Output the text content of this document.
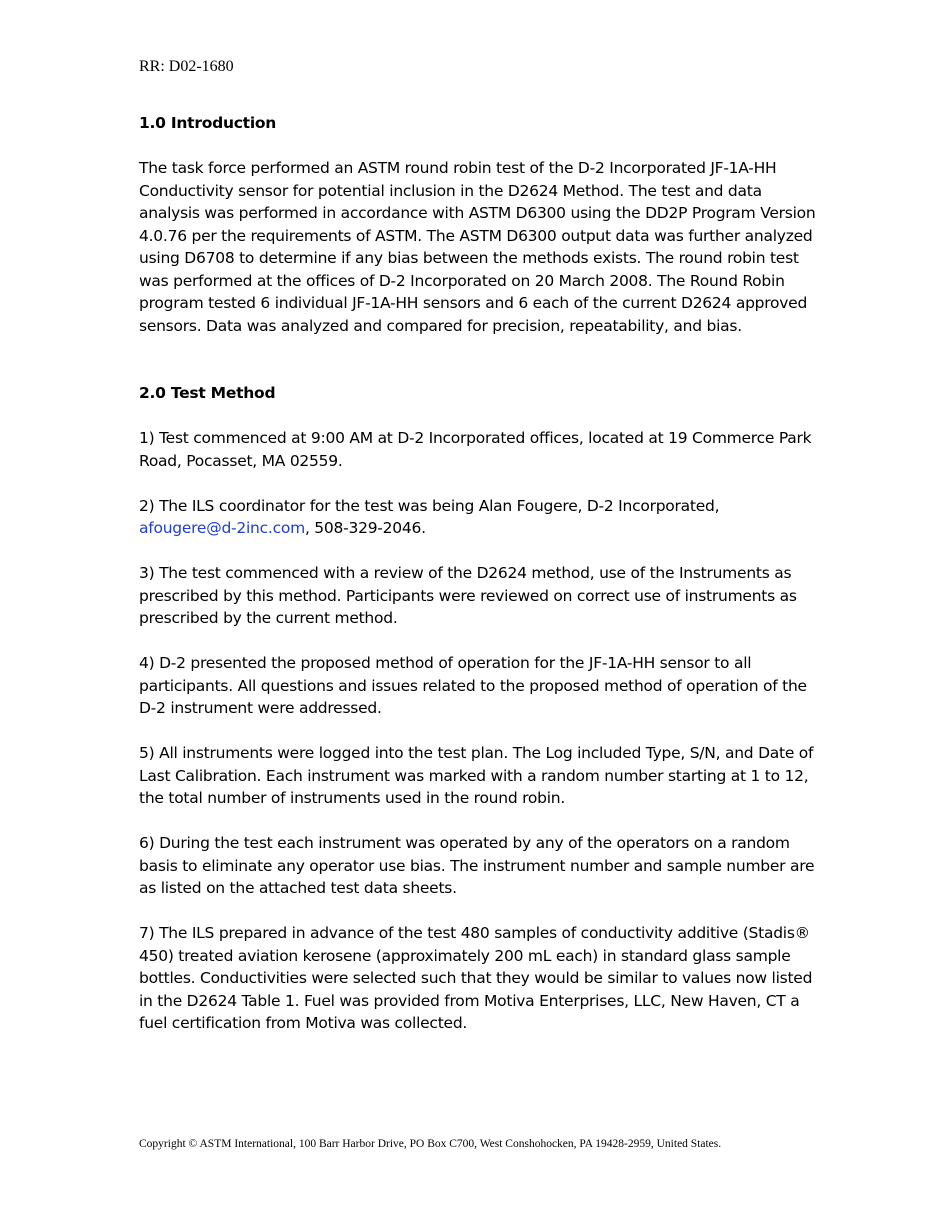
RR: D02-1680

1.0 Introduction

The task force performed an ASTM round robin test of the D-2 Incorporated JF-1A-HH Conductivity sensor for potential inclusion in the D2624 Method. The test and data analysis was performed in accordance with ASTM D6300 using the DD2P Program Version 4.0.76 per the requirements of ASTM. The ASTM D6300 output data was further analyzed using D6708 to determine if any bias between the methods exists. The round robin test was performed at the offices of D-2 Incorporated on 20 March 2008. The Round Robin program tested 6 individual JF-1A-HH sensors and 6 each of the current D2624 approved sensors. Data was analyzed and compared for precision, repeatability, and bias.

2.0 Test Method

1) Test commenced at 9:00 AM at D-2 Incorporated offices, located at 19 Commerce Park Road, Pocasset, MA 02559.

2) The ILS coordinator for the test was being Alan Fougere, D-2 Incorporated, afougere@d-2inc.com, 508-329-2046.

3) The test commenced with a review of the D2624 method, use of the Instruments as prescribed by this method. Participants were reviewed on correct use of instruments as prescribed by the current method.

4) D-2 presented the proposed method of operation for the JF-1A-HH sensor to all participants. All questions and issues related to the proposed method of operation of the D-2 instrument were addressed.

5) All instruments were logged into the test plan. The Log included Type, S/N, and Date of Last Calibration. Each instrument was marked with a random number starting at 1 to 12, the total number of instruments used in the round robin.

6) During the test each instrument was operated by any of the operators on a random basis to eliminate any operator use bias. The instrument number and sample number are as listed on the attached test data sheets.

7) The ILS prepared in advance of the test 480 samples of conductivity additive (Stadis® 450) treated aviation kerosene (approximately 200 mL each) in standard glass sample bottles. Conductivities were selected such that they would be similar to values now listed in the D2624 Table 1. Fuel was provided from Motiva Enterprises, LLC, New Haven, CT a fuel certification from Motiva was collected.

Copyright © ASTM International, 100 Barr Harbor Drive, PO Box C700, West Conshohocken, PA 19428-2959, United States.
